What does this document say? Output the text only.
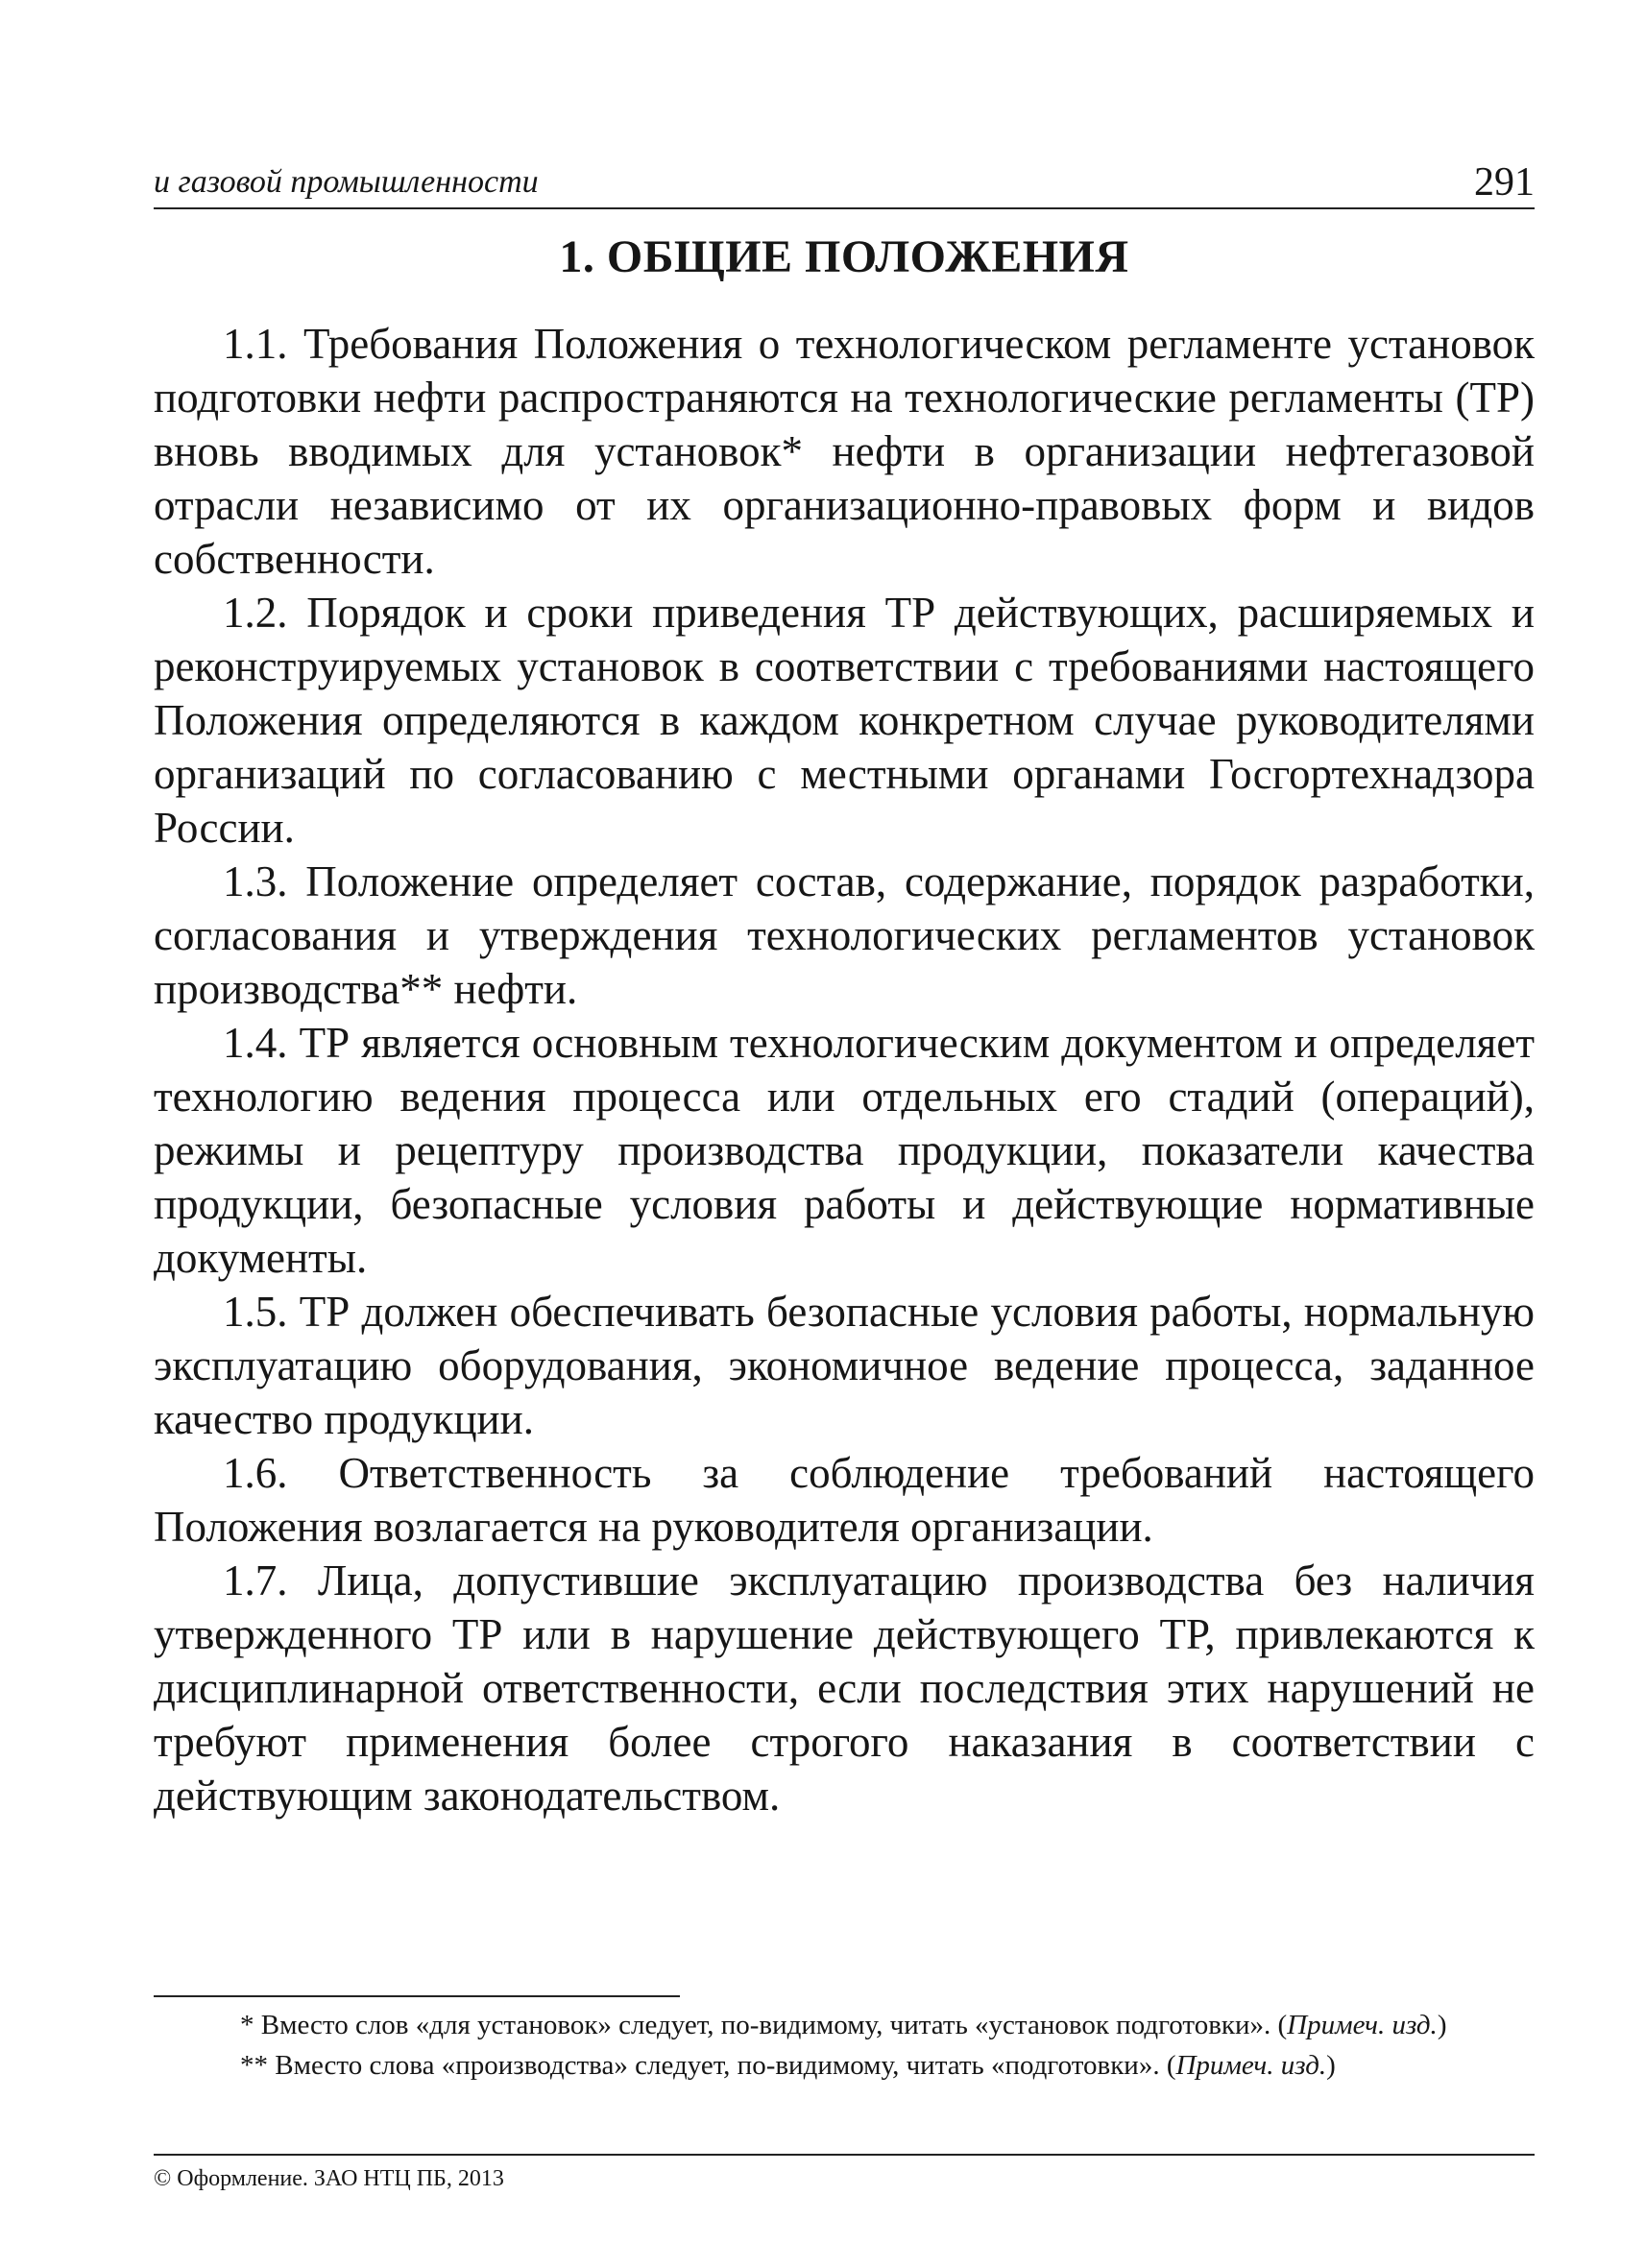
и газовой промышленности	291
1. ОБЩИЕ ПОЛОЖЕНИЯ

1.1. Требования Положения о технологическом регламенте установок подготовки нефти распространяются на технологические регламенты (ТР) вновь вводимых для установок* нефти в организации нефтегазовой отрасли независимо от их организационно-правовых форм и видов собственности.

1.2. Порядок и сроки приведения ТР действующих, расширяемых и реконструируемых установок в соответствии с требованиями настоящего Положения определяются в каждом конкретном случае руководителями организаций по согласованию с местными органами Госгортехнадзора России.

1.3. Положение определяет состав, содержание, порядок разработки, согласования и утверждения технологических регламентов установок производства** нефти.

1.4. ТР является основным технологическим документом и определяет технологию ведения процесса или отдельных его стадий (операций), режимы и рецептуру производства продукции, показатели качества продукции, безопасные условия работы и действующие нормативные документы.

1.5. ТР должен обеспечивать безопасные условия работы, нормальную эксплуатацию оборудования, экономичное ведение процесса, заданное качество продукции.

1.6. Ответственность за соблюдение требований настоящего Положения возлагается на руководителя организации.

1.7. Лица, допустившие эксплуатацию производства без наличия утвержденного ТР или в нарушение действующего ТР, привлекаются к дисциплинарной ответственности, если последствия этих нарушений не требуют применения более строгого наказания в соответствии с действующим законодательством.

* Вместо слов «для установок» следует, по-видимому, читать «установок подготовки». (Примеч. изд.)

** Вместо слова «производства» следует, по-видимому, читать «подготовки». (Примеч. изд.)

© Оформление. ЗАО НТЦ ПБ, 2013
